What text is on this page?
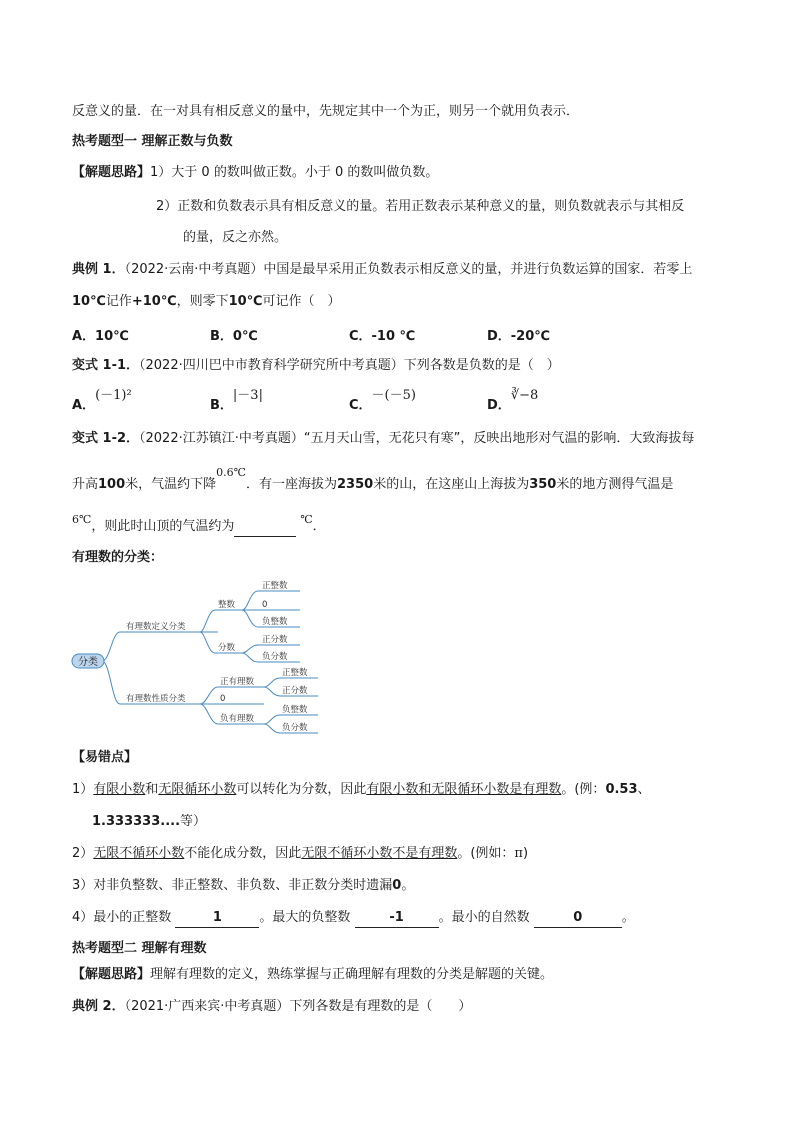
反意义的量．在一对具有相反意义的量中，先规定其中一个为正，则另一个就用负表示．
热考题型一 理解正数与负数
【解题思路】1）大于 0 的数叫做正数。小于 0 的数叫做负数。
2）正数和负数表示具有相反意义的量。若用正数表示某种意义的量，则负数就表示与其相反
的量，反之亦然。
典例 1．（2022·云南·中考真题）中国是最早采用正负数表示相反意义的量，并进行负数运算的国家．若零上
10℃记作+10℃，则零下10℃可记作（　）
A．10℃	B．0℃	C．-10 ℃	D．-20℃
变式 1-1．（2022·四川巴中市教育科学研究所中考真题）下列各数是负数的是（　）
A．(－1)²
B．|－3|
C．－(－5)
D．∛−8
变式 1-2．（2022·江苏镇江·中考真题）“五月天山雪，无花只有寒”，反映出地形对气温的影响．大致海拔每
升高100米，气温约下降$^{0.6℃}$．有一座海拔为2350米的山，在这座山上海拔为350米的地方测得气温是
$^{6℃}$，则此时山顶的气温约为	℃．
有理数的分类：
分类
有理数定义分类
有理数性质分类
整数
分数
正整数
0
负整数
正分数
负分数
正有理数
0
负有理数
正整数
正分数
负整数
负分数
【易错点】
1）有限小数和无限循环小数可以转化为分数，因此有限小数和无限循环小数是有理数。(例：0.53、
1.333333....等）
2）无限不循环小数不能化成分数，因此无限不循环小数不是有理数。(例如：π)
3）对非负整数、非正整数、非负数、非正数分类时遗漏0。
4）最小的正整数	1	。最大的负整数	-1	。最小的自然数	0	。
热考题型二 理解有理数
【解题思路】理解有理数的定义，熟练掌握与正确理解有理数的分类是解题的关键。
典例 2．（2021·广西来宾·中考真题）下列各数是有理数的是（　　）
